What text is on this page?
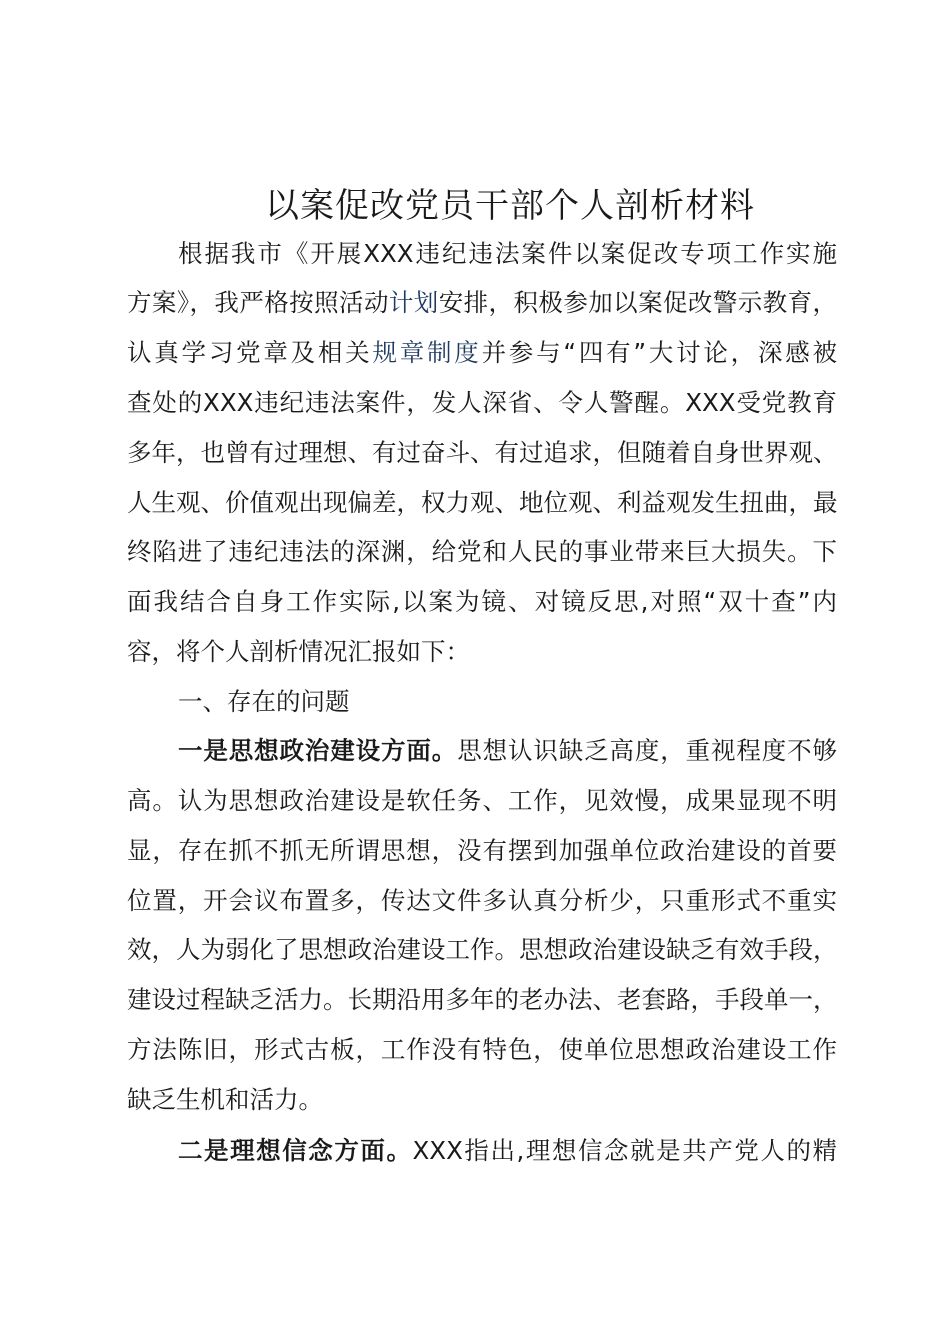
以案促改党员干部个人剖析材料
根据我市《开展XXX违纪违法案件以案促改专项工作实施
方案》，我严格按照活动计划安排，积极参加以案促改警示教育，
认真学习党章及相关规章制度并参与“四有”大讨论，深感被
查处的XXX违纪违法案件，发人深省、令人警醒。XXX受党教育
多年，也曾有过理想、有过奋斗、有过追求，但随着自身世界观、
人生观、价值观出现偏差，权力观、地位观、利益观发生扭曲，最
终陷进了违纪违法的深渊，给党和人民的事业带来巨大损失。下
面我结合自身工作实际,以案为镜、对镜反思,对照“双十查”内
容，将个人剖析情况汇报如下：
一、存在的问题
一是思想政治建设方面。思想认识缺乏高度，重视程度不够
高。认为思想政治建设是软任务、工作，见效慢，成果显现不明
显，存在抓不抓无所谓思想，没有摆到加强单位政治建设的首要
位置，开会议布置多，传达文件多认真分析少，只重形式不重实
效，人为弱化了思想政治建设工作。思想政治建设缺乏有效手段，
建设过程缺乏活力。长期沿用多年的老办法、老套路，手段单一，
方法陈旧，形式古板，工作没有特色，使单位思想政治建设工作
缺乏生机和活力。
二是理想信念方面。XXX指出,理想信念就是共产党人的精
